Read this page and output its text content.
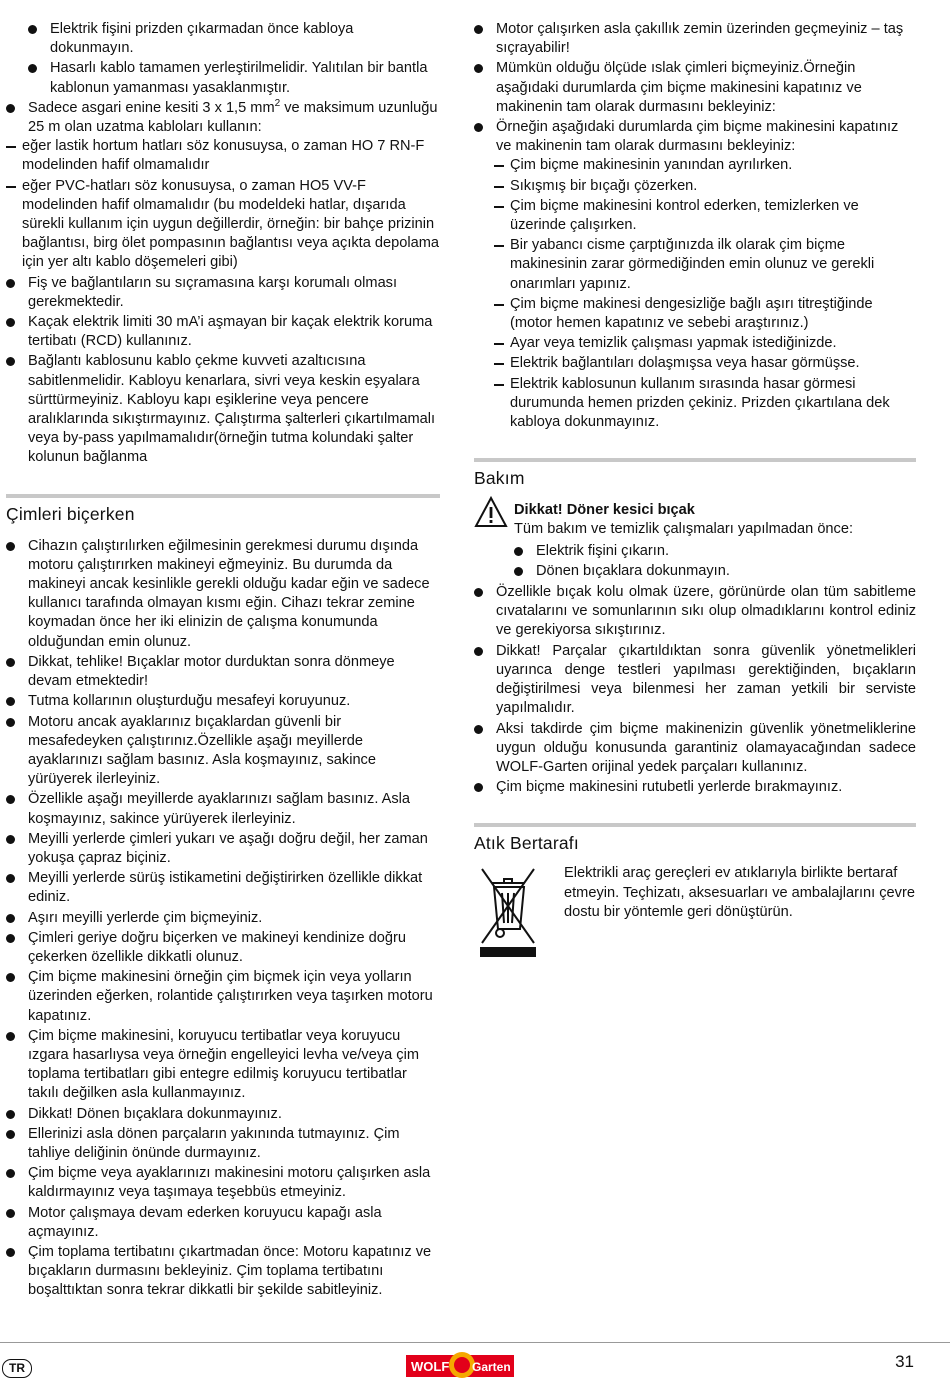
Elektrik fişini prizden çıkarmadan önce kabloya dokunmayın.
Hasarlı kablo tamamen yerleştirilmelidir. Yalıtılan bir bantla kablonun yamanması yasaklanmıştır.
Sadece asgari enine kesiti 3 x 1,5 $mm^2$ ve maksimum uzunluğu 25 m olan uzatma kabloları kullanın:
eğer lastik hortum hatları söz konusuysa, o zaman HO 7 RN-F modelinden hafif olmamalıdır
eğer PVC-hatları söz konusuysa, o zaman HO5 VV-F modelinden hafif olmamalıdır (bu modeldeki hatlar, dışarıda sürekli kullanım için uygun değillerdir, örneğin: bir bahçe prizinin bağlantısı, birg ölet pompasının bağlantısı veya açıkta depolama için yer altı kablo döşemeleri gibi)
Fiş ve bağlantıların su sıçramasına karşı korumalı olması gerekmektedir.
Kaçak elektrik limiti 30 mA’i aşmayan bir kaçak elektrik koruma tertibatı (RCD) kullanınız.
Bağlantı kablosunu kablo çekme kuvveti azaltıcısına sabitlenmelidir. Kabloyu kenarlara, sivri veya keskin eşyalara sürttürmeyiniz. Kabloyu kapı eşiklerine veya pencere aralıklarında sıkıştırmayınız. Çalıştırma şalterleri çıkartılmamalı veya by-pass yapılmamalıdır(örneğin tutma kolundaki şalter kolunun bağlanma
Çimleri biçerken
Cihazın çalıştırılırken eğilmesinin gerekmesi durumu dışında motoru çalıştırırken makineyi eğmeyiniz. Bu durumda da makineyi ancak kesinlikle gerekli olduğu kadar eğin ve sadece kullanıcı tarafında olmayan kısmı eğin. Cihazı tekrar zemine koymadan önce her iki elinizin de çalışma konumunda olduğundan emin olunuz.
Dikkat, tehlike! Bıçaklar motor durduktan sonra dönmeye devam etmektedir!
Tutma kollarının oluşturduğu mesafeyi koruyunuz.
Motoru ancak ayaklarınız bıçaklardan güvenli bir mesafedeyken çalıştırınız.Özellikle aşağı meyillerde ayaklarınızı sağlam basınız. Asla koşmayınız, sakince yürüyerek ilerleyiniz.
Özellikle aşağı meyillerde ayaklarınızı sağlam basınız. Asla koşmayınız, sakince yürüyerek ilerleyiniz.
Meyilli yerlerde çimleri yukarı ve aşağı doğru değil, her zaman yokuşa çapraz biçiniz.
Meyilli yerlerde sürüş istikametini değiştirirken özellikle dikkat ediniz.
Aşırı meyilli yerlerde çim biçmeyiniz.
Çimleri geriye doğru biçerken ve makineyi kendinize doğru çekerken özellikle dikkatli olunuz.
Çim biçme makinesini örneğin çim biçmek için veya yolların üzerinden eğerken, rolantide çalıştırırken veya taşırken motoru kapatınız.
Çim biçme makinesini, koruyucu tertibatlar veya koruyucu ızgara hasarlıysa veya örneğin engelleyici levha ve/veya çim toplama tertibatları gibi entegre edilmiş koruyucu tertibatlar takılı değilken asla kullanmayınız.
Dikkat! Dönen bıçaklara dokunmayınız.
Ellerinizi asla dönen parçaların yakınında tutmayınız. Çim tahliye deliğinin önünde durmayınız.
Çim biçme veya ayaklarınızı makinesini motoru çalışırken asla kaldırmayınız veya taşımaya teşebbüs etmeyiniz.
Motor çalışmaya devam ederken koruyucu kapağı asla açmayınız.
Çim toplama tertibatını çıkartmadan önce: Motoru kapatınız ve bıçakların durmasını bekleyiniz. Çim toplama tertibatını boşalttıktan sonra tekrar dikkatli bir şekilde sabitleyiniz.
Motor çalışırken asla çakıllık zemin üzerinden geçmeyiniz – taş sıçrayabilir!
Mümkün olduğu ölçüde ıslak çimleri biçmeyiniz.Örneğin aşağıdaki durumlarda çim biçme makinesini kapatınız ve makinenin tam olarak durmasını bekleyiniz:
Örneğin aşağıdaki durumlarda çim biçme makinesini kapatınız ve makinenin tam olarak durmasını bekleyiniz:
Çim biçme makinesinin yanından ayrılırken.
Sıkışmış bir bıçağı çözerken.
Çim biçme makinesini kontrol ederken, temizlerken ve üzerinde çalışırken.
Bir yabancı cisme çarptığınızda ilk olarak çim biçme makinesinin zarar görmediğinden emin olunuz ve gerekli onarımları yapınız.
Çim biçme makinesi dengesizliğe bağlı aşırı titreştiğinde (motor hemen kapatınız ve sebebi araştırınız.)
Ayar veya temizlik çalışması yapmak istediğinizde.
Elektrik bağlantıları dolaşmışsa veya hasar görmüşse.
Elektrik kablosunun kullanım sırasında hasar görmesi durumunda hemen prizden çekiniz. Prizden çıkartılana dek kabloya dokunmayınız.
Bakım
Dikkat! Döner kesici bıçak
Tüm bakım ve temizlik çalışmaları yapılmadan önce:
Elektrik fişini çıkarın.
Dönen bıçaklara dokunmayın.
Özellikle bıçak kolu olmak üzere, görünürde olan tüm sabitleme cıvatalarını ve somunlarının sıkı olup olmadıklarını kontrol ediniz ve gerekiyorsa sıkıştırınız.
Dikkat! Parçalar çıkartıldıktan sonra güvenlik yönetmelikleri uyarınca denge testleri yapılması gerektiğinden, bıçakların değiştirilmesi veya bilenmesi her zaman yetkili bir serviste yapılmalıdır.
Aksi takdirde çim biçme makinenizin güvenlik yönetmeliklerine uygun olduğu konusunda garantiniz olamayacağından sadece WOLF-Garten orijinal yedek parçaları kullanınız.
Çim biçme makinesini rutubetli yerlerde bırakmayınız.
Atık Bertarafı
Elektrikli araç gereçleri ev atıklarıyla birlikte bertaraf etmeyin. Teçhizatı, aksesuarları ve ambalajlarını çevre dostu bir yöntemle geri dönüştürün.
TR	WOLF Garten	31
